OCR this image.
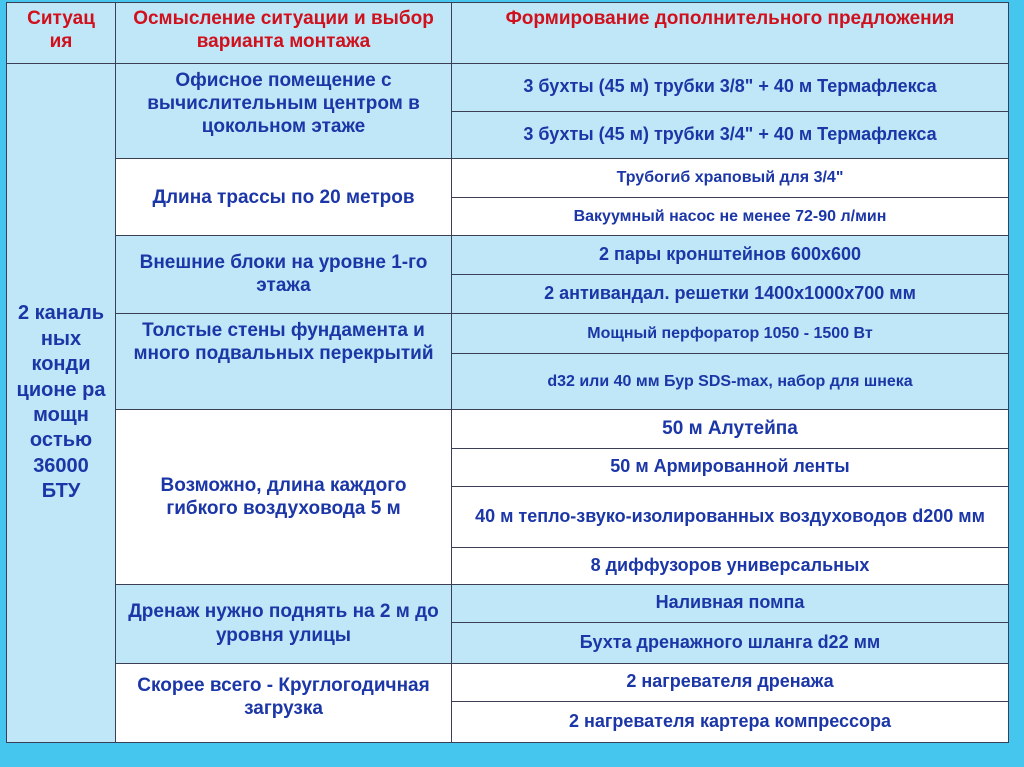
Ситуац ия	Осмысление ситуации и выбор варианта монтажа	Формирование дополнительного предложения
2 каналь ных конди ционе ра мощн остью 36000 БТУ	Офисное помещение с вычислительным центром в цокольном этаже	3 бухты (45 м) трубки 3/8" + 40 м Термафлекса
		3 бухты (45 м) трубки 3/4" + 40 м Термафлекса
	Длина трассы по 20 метров	Трубогиб храповый для 3/4"
		Вакуумный насос не менее 72-90 л/мин
	Внешние блоки на уровне 1-го этажа	2 пары кронштейнов 600х600
		2 антивандал. решетки 1400х1000х700 мм
	Толстые стены фундамента и много подвальных перекрытий	Мощный перфоратор 1050 - 1500 Вт
		d32 или 40 мм Бур SDS-max, набор для шнека
	Возможно, длина каждого гибкого воздуховода 5 м	50 м Алутейпа
		50 м Армированной ленты
		40 м тепло-звуко-изолированных воздуховодов d200 мм
		8 диффузоров универсальных
	Дренаж нужно поднять на 2 м до уровня улицы	Наливная помпа
		Бухта дренажного шланга d22 мм
	Скорее всего - Круглогодичная загрузка	2 нагревателя дренажа
		2 нагревателя картера компрессора
